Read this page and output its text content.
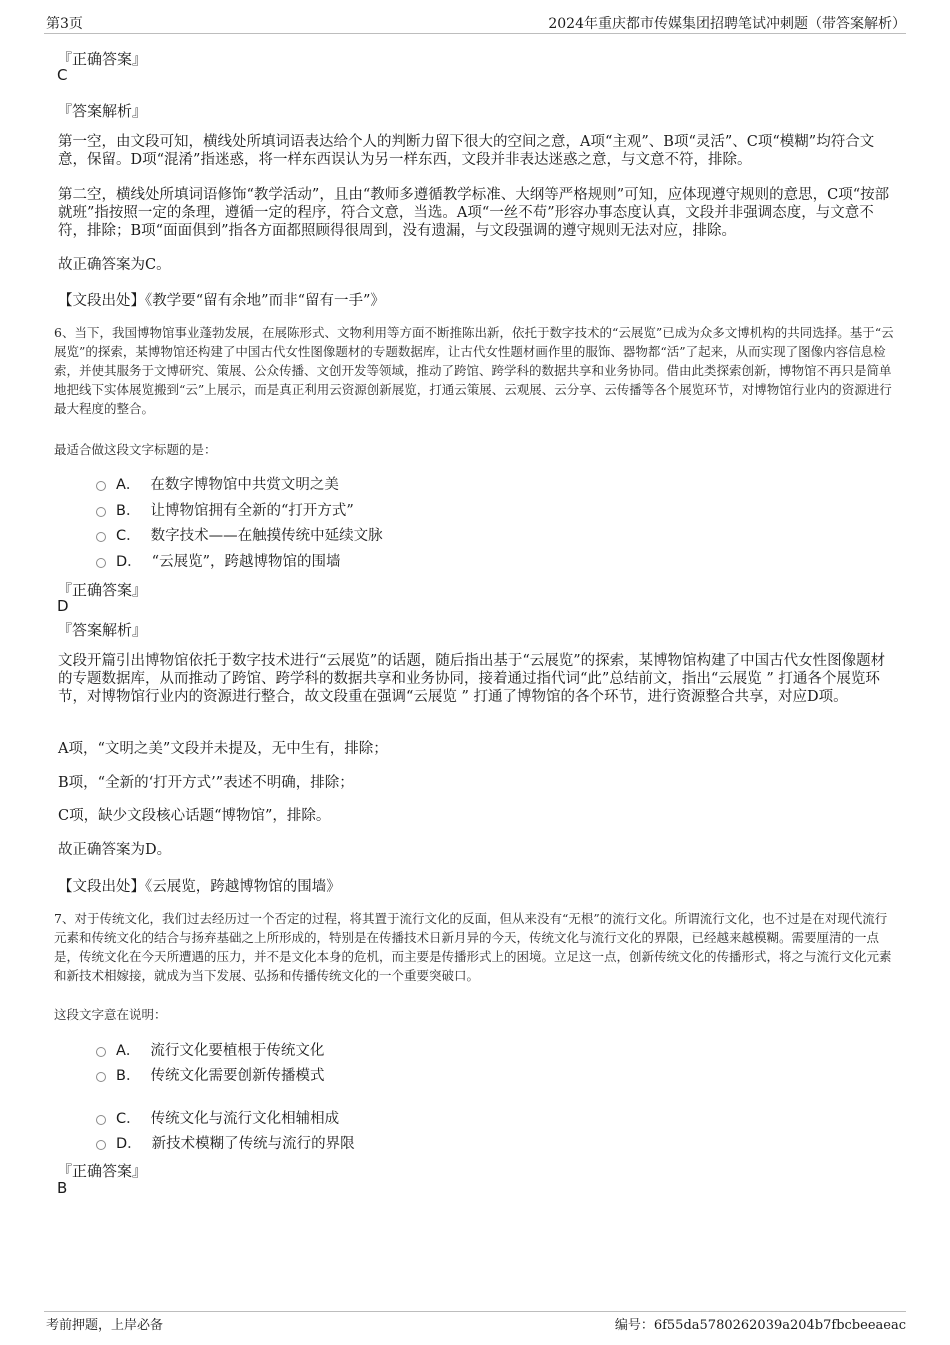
第3页	2024年重庆都市传媒集团招聘笔试冲刺题（带答案解析）
『正确答案』
C
『答案解析』
第一空，由文段可知，横线处所填词语表达给个人的判断力留下很大的空间之意，A项“主观”、B项“灵活”、C项“模糊”均符合文意，保留。D项“混淆”指迷惑，将一样东西误认为另一样东西，文段并非表达迷惑之意，与文意不符，排除。
第二空，横线处所填词语修饰“教学活动”，且由“教师多遵循教学标准、大纲等严格规则”可知，应体现遵守规则的意思，C项“按部就班”指按照一定的条理，遵循一定的程序，符合文意，当选。A项“一丝不苟”形容办事态度认真，文段并非强调态度，与文意不符，排除；B项“面面俱到”指各方面都照顾得很周到，没有遗漏，与文段强调的遵守规则无法对应，排除。
故正确答案为C。
【文段出处】《教学要“留有余地”而非“留有一手”》
6、当下，我国博物馆事业蓬勃发展，在展陈形式、文物利用等方面不断推陈出新，依托于数字技术的“云展览”已成为众多文博机构的共同选择。基于“云展览”的探索，某博物馆还构建了中国古代女性图像题材的专题数据库，让古代女性题材画作里的服饰、器物都“活”了起来，从而实现了图像内容信息检索，并使其服务于文博研究、策展、公众传播、文创开发等领域，推动了跨馆、跨学科的数据共享和业务协同。借由此类探索创新，博物馆不再只是简单地把线下实体展览搬到“云”上展示，而是真正利用云资源创新展览，打通云策展、云观展、云分享、云传播等各个展览环节，对博物馆行业内的资源进行最大程度的整合。
最适合做这段文字标题的是：
A． 在数字博物馆中共赏文明之美
B． 让博物馆拥有全新的“打开方式”
C． 数字技术——在触摸传统中延续文脉
D． “云展览”，跨越博物馆的围墙
『正确答案』
D
『答案解析』
文段开篇引出博物馆依托于数字技术进行“云展览”的话题，随后指出基于“云展览”的探索，某博物馆构建了中国古代女性图像题材的专题数据库，从而推动了跨馆、跨学科的数据共享和业务协同，接着通过指代词“此”总结前文，指出“云展览 ” 打通各个展览环节，对博物馆行业内的资源进行整合，故文段重在强调“云展览 ” 打通了博物馆的各个环节，进行资源整合共享，对应D项。
A项，“文明之美”文段并未提及，无中生有，排除；
B项，“全新的‘打开方式’”表述不明确，排除；
C项，缺少文段核心话题“博物馆”，排除。
故正确答案为D。
【文段出处】《云展览，跨越博物馆的围墙》
7、对于传统文化，我们过去经历过一个否定的过程，将其置于流行文化的反面，但从来没有“无根”的流行文化。所谓流行文化，也不过是在对现代流行元素和传统文化的结合与扬弃基础之上所形成的，特别是在传播技术日新月异的今天，传统文化与流行文化的界限，已经越来越模糊。需要厘清的一点是，传统文化在今天所遭遇的压力，并不是文化本身的危机，而主要是传播形式上的困境。立足这一点，创新传统文化的传播形式，将之与流行文化元素和新技术相嫁接，就成为当下发展、弘扬和传播传统文化的一个重要突破口。
这段文字意在说明：
A． 流行文化要植根于传统文化
B． 传统文化需要创新传播模式
C． 传统文化与流行文化相辅相成
D． 新技术模糊了传统与流行的界限
『正确答案』
B
考前押题，上岸必备	编号：6f55da5780262039a204b7fbcbeeaeac
